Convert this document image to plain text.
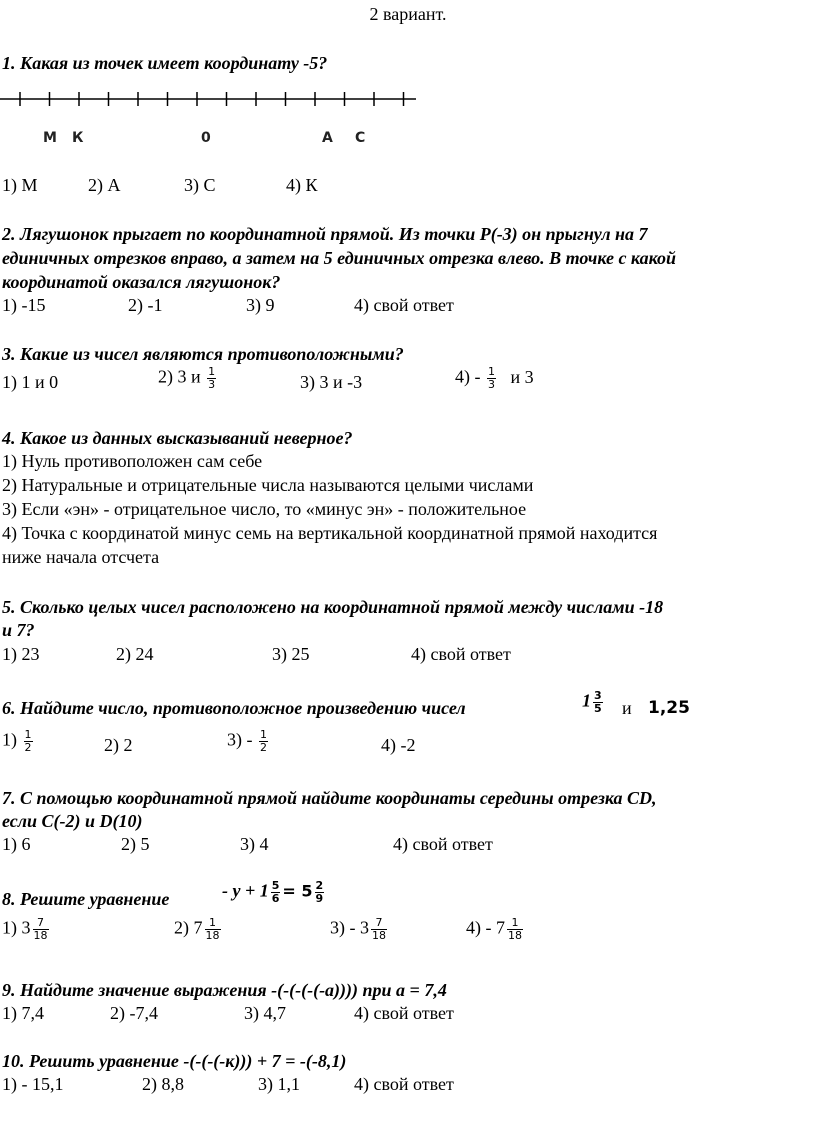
2 вариант.
1. Какая из точек имеет координату -5?
М К	0	А С
1) М	2) А	3) С	4) К
2. Лягушонок прыгает по координатной прямой. Из точки Р(-3) он прыгнул на 7
единичных отрезков вправо, а затем на 5 единичных отрезка влево. В точке с какой
координатой оказался лягушонок?
1) -15	2) -1	3) 9	4) свой ответ
3. Какие из чисел являются противоположными?
1) 1 и 0	2) 3 и $\frac{1}{3}$	3) 3 и -3	$4) - \frac{1}{3}$ и 3
4. Какое из данных высказываний неверное?
1) Нуль противоположен сам себе
2) Натуральные и отрицательные числа называются целыми числами
3) Если «эн» - отрицательное число, то «минус эн» - положительное
4) Точка с координатой минус семь на вертикальной координатной прямой находится
ниже начала отсчета
5. Сколько целых чисел расположено на координатной прямой между числами -18
и 7?
1) 23	2) 24	3) 25	4) свой ответ
6. Найдите число, противоположное произведению чисел	$1 \frac{3}{5}$ и 1,25
$1) \frac{1}{2}$	2) 2	$3) - \frac{1}{2}$	4) -2
7. С помощью координатной прямой найдите координаты середины отрезка CD,
если C(-2) и D(10)
1) 6	2) 5	3) 4	4) свой ответ
8. Решите уравнение	- $у + 1 \frac{5}{6} = 5 \frac{2}{9}$
1) $3 \frac{7}{18}$	2) $7 \frac{1}{18}$	$3) - 3 \frac{7}{18}$	$4) - 7 \frac{1}{18}$
9. Найдите значение выражения -(-(-(-(-а)))) при а = 7,4
1) 7,4	2) -7,4	3) 4,7	4) свой ответ
10. Решить уравнение -(-(-(-к))) + 7 = -(-8,1)
1) - 15,1	2) 8,8	3) 1,1	4) свой ответ
